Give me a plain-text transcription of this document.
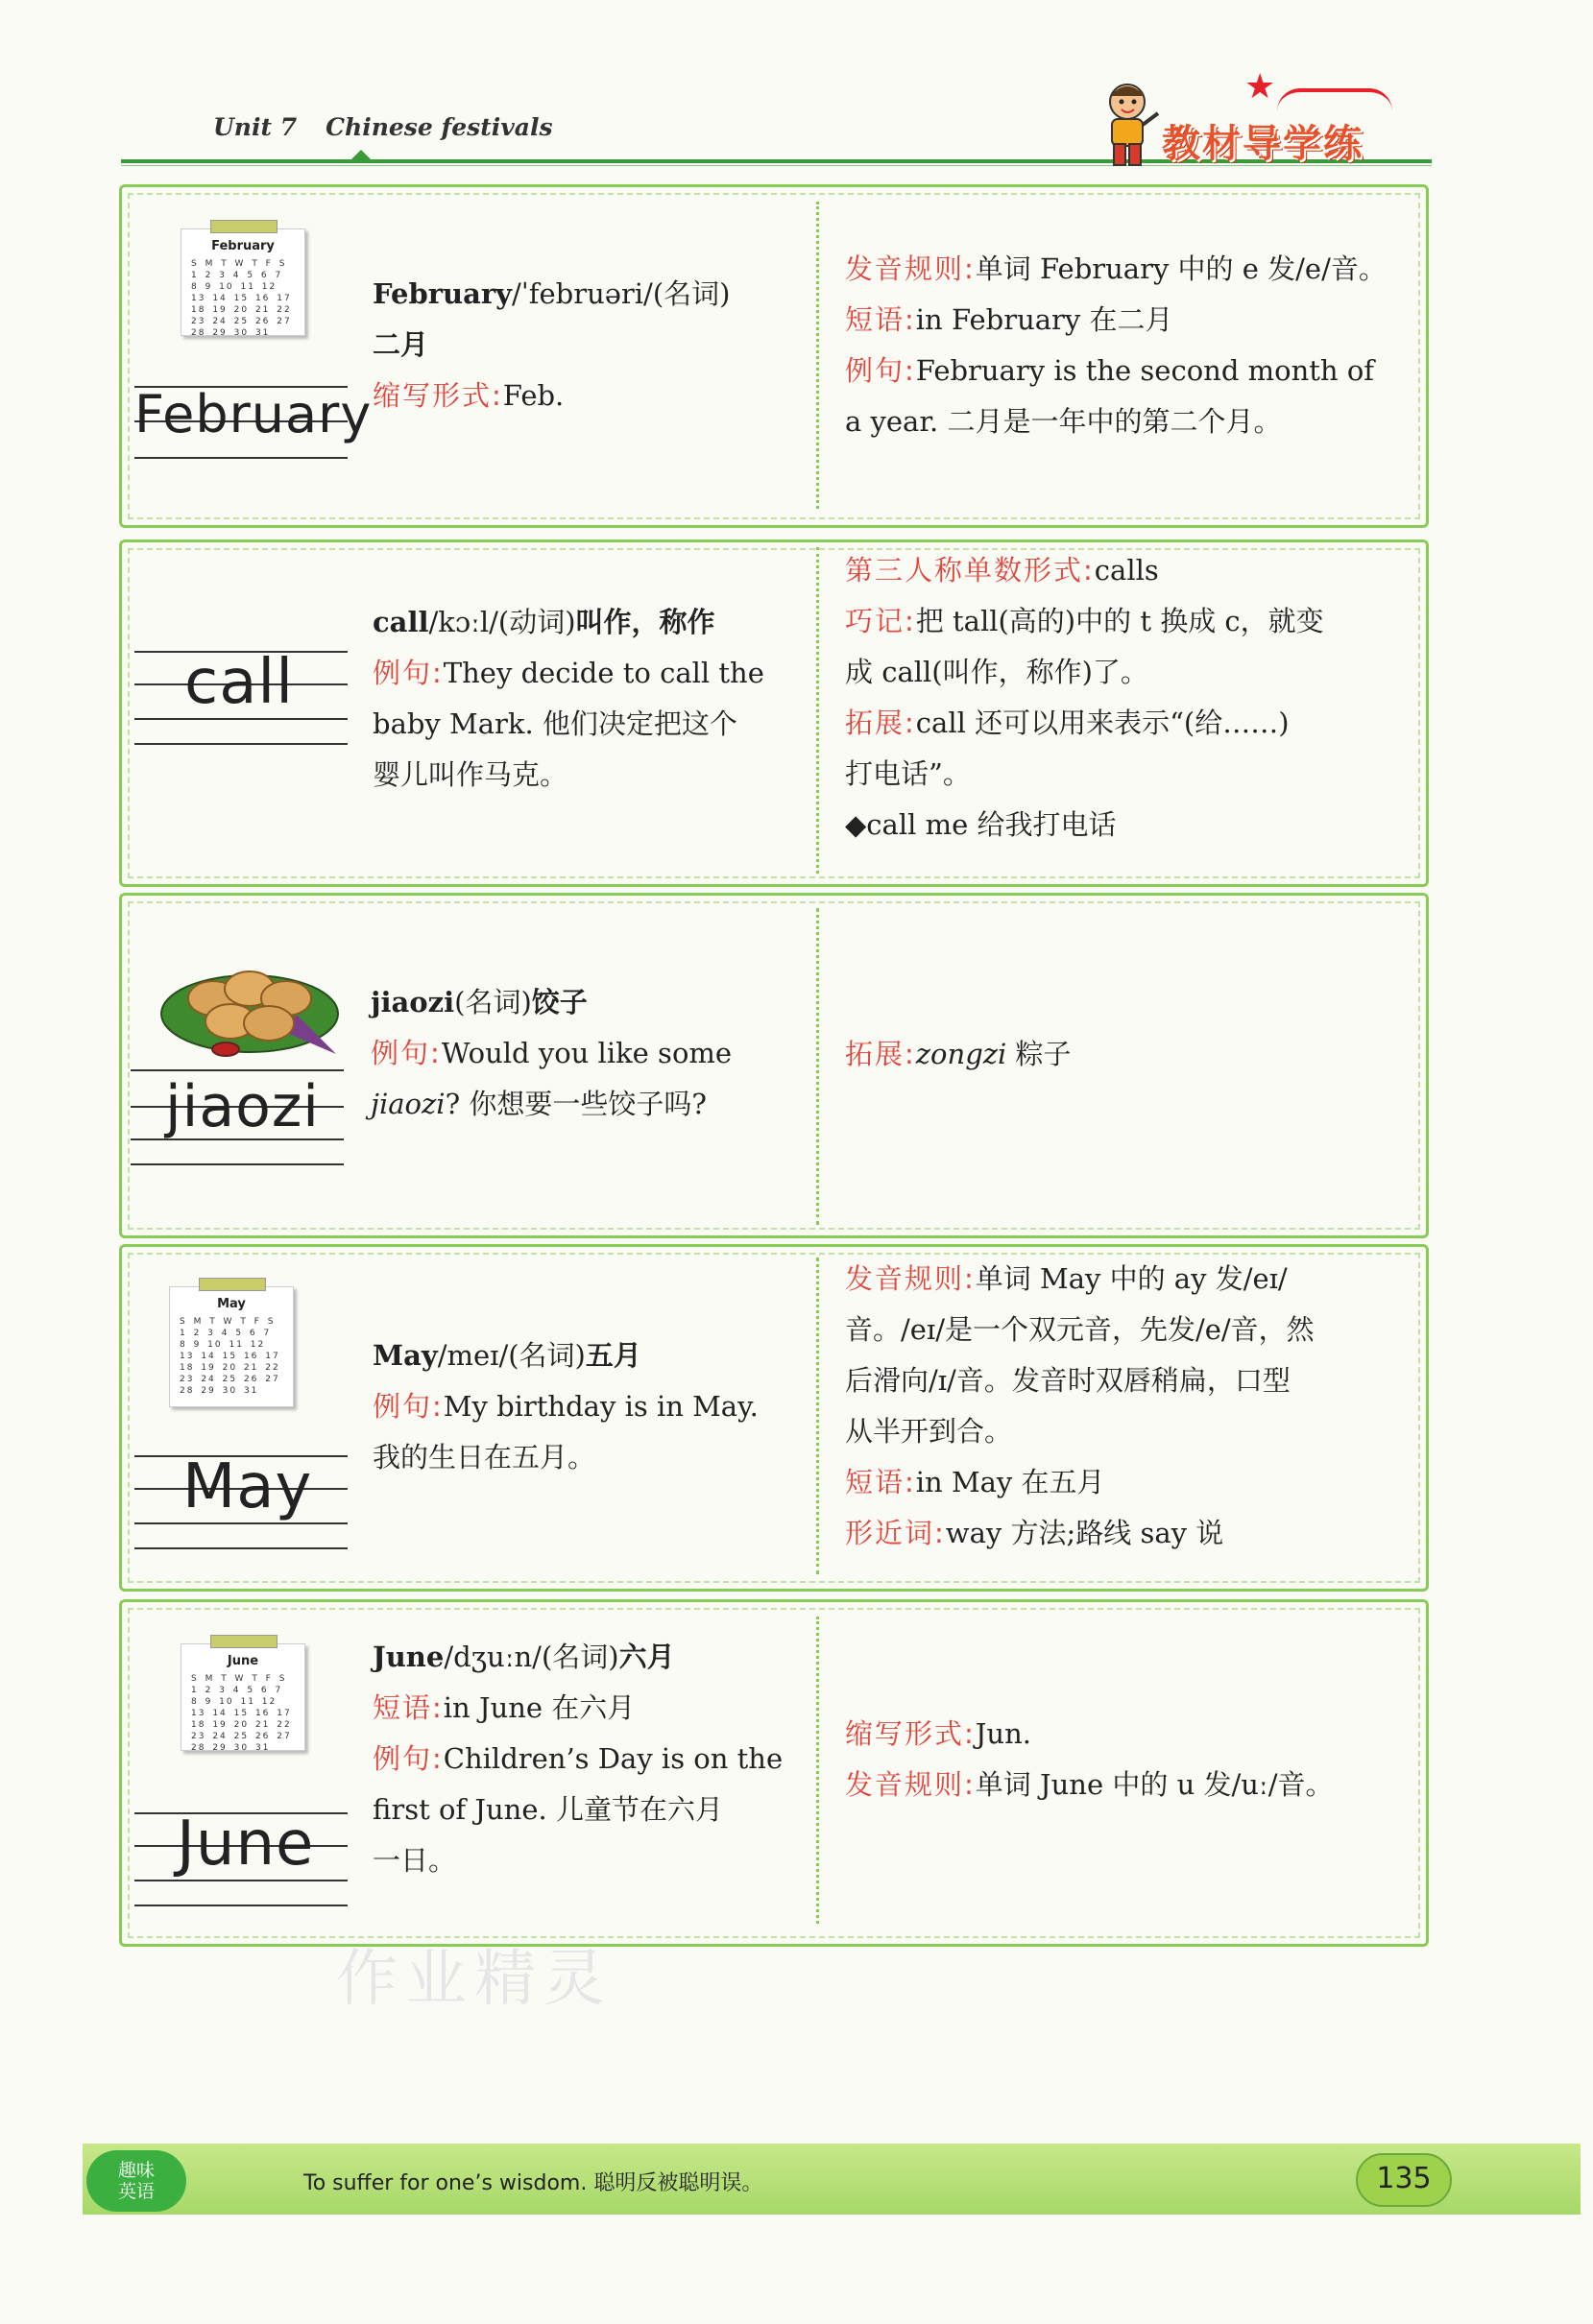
Unit 7 Chinese festivals
★
教材导学练
February
S M T W T F S 1 2 3 4 5 6 7 8 9 10 11 12 13 14 15 16 17 18 19 20 21 22 23 24 25 26 27 28 29 30 31
February
February/ˈfebruəri/(名词)
二月
缩写形式:Feb.
发音规则:单词 February 中的 e 发/e/音。
短语:in February 在二月
例句:February is the second month of
a year. 二月是一年中的第二个月。
call
call/kɔːl/(动词)叫作，称作
例句:They decide to call the
baby Mark. 他们决定把这个
婴儿叫作马克。
第三人称单数形式:calls
巧记:把 tall(高的)中的 t 换成 c，就变
成 call(叫作，称作)了。
拓展:call 还可以用来表示“(给……)
打电话”。
◆call me 给我打电话
jiaozi
jiaozi(名词)饺子
例句:Would you like some
jiaozi? 你想要一些饺子吗?
拓展:zongzi 粽子
May
S M T W T F S 1 2 3 4 5 6 7 8 9 10 11 12 13 14 15 16 17 18 19 20 21 22 23 24 25 26 27 28 29 30 31
May
May/meɪ/(名词)五月
例句:My birthday is in May.
我的生日在五月。
发音规则:单词 May 中的 ay 发/eɪ/
音。/eɪ/是一个双元音，先发/e/音，然
后滑向/ɪ/音。发音时双唇稍扁，口型
从半开到合。
短语:in May 在五月
形近词:way 方法;路线 say 说
June
S M T W T F S 1 2 3 4 5 6 7 8 9 10 11 12 13 14 15 16 17 18 19 20 21 22 23 24 25 26 27 28 29 30 31
June
June/dʒuːn/(名词)六月
短语:in June 在六月
例句:Children’s Day is on the
first of June. 儿童节在六月
一日。
缩写形式:Jun.
发音规则:单词 June 中的 u 发/uː/音。
作业精灵
趣味
英语	To suffer for one’s wisdom. 聪明反被聪明误。	135
